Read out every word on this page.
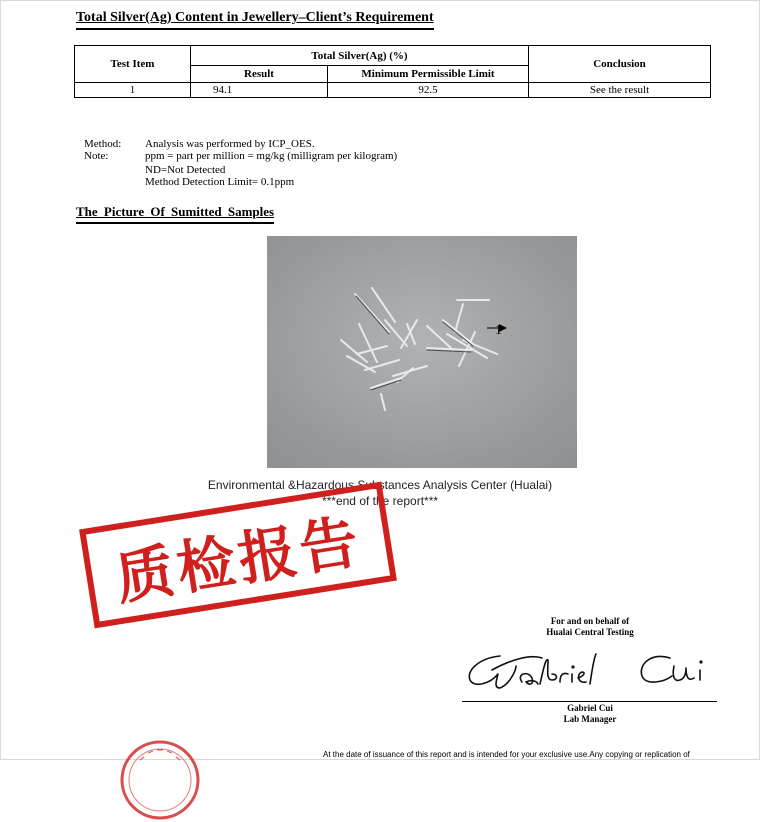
Total Silver(Ag) Content in Jewellery–Client’s Requirement
Test Item	Total Silver(Ag) (%)		Conclusion
	Result	Minimum Permissible Limit	
1	94.1	92.5	See the result
Method: Analysis was performed by ICP_OES.
Note:	ppm = part per million = mg/kg (milligram per kilogram)
ND=Not Detected
Method Detection Limit= 0.1ppm
The Picture Of Sumitted Samples
1
Environmental &Hazardous Substances Analysis Center (Hualai)
***end of the report***
质检报告
For and on behalf of
Hualai Central Testing
Gabriel Cui
Lab Manager
At the date of issuance of this report and is intended for your exclusive use.Any copying or replication of
